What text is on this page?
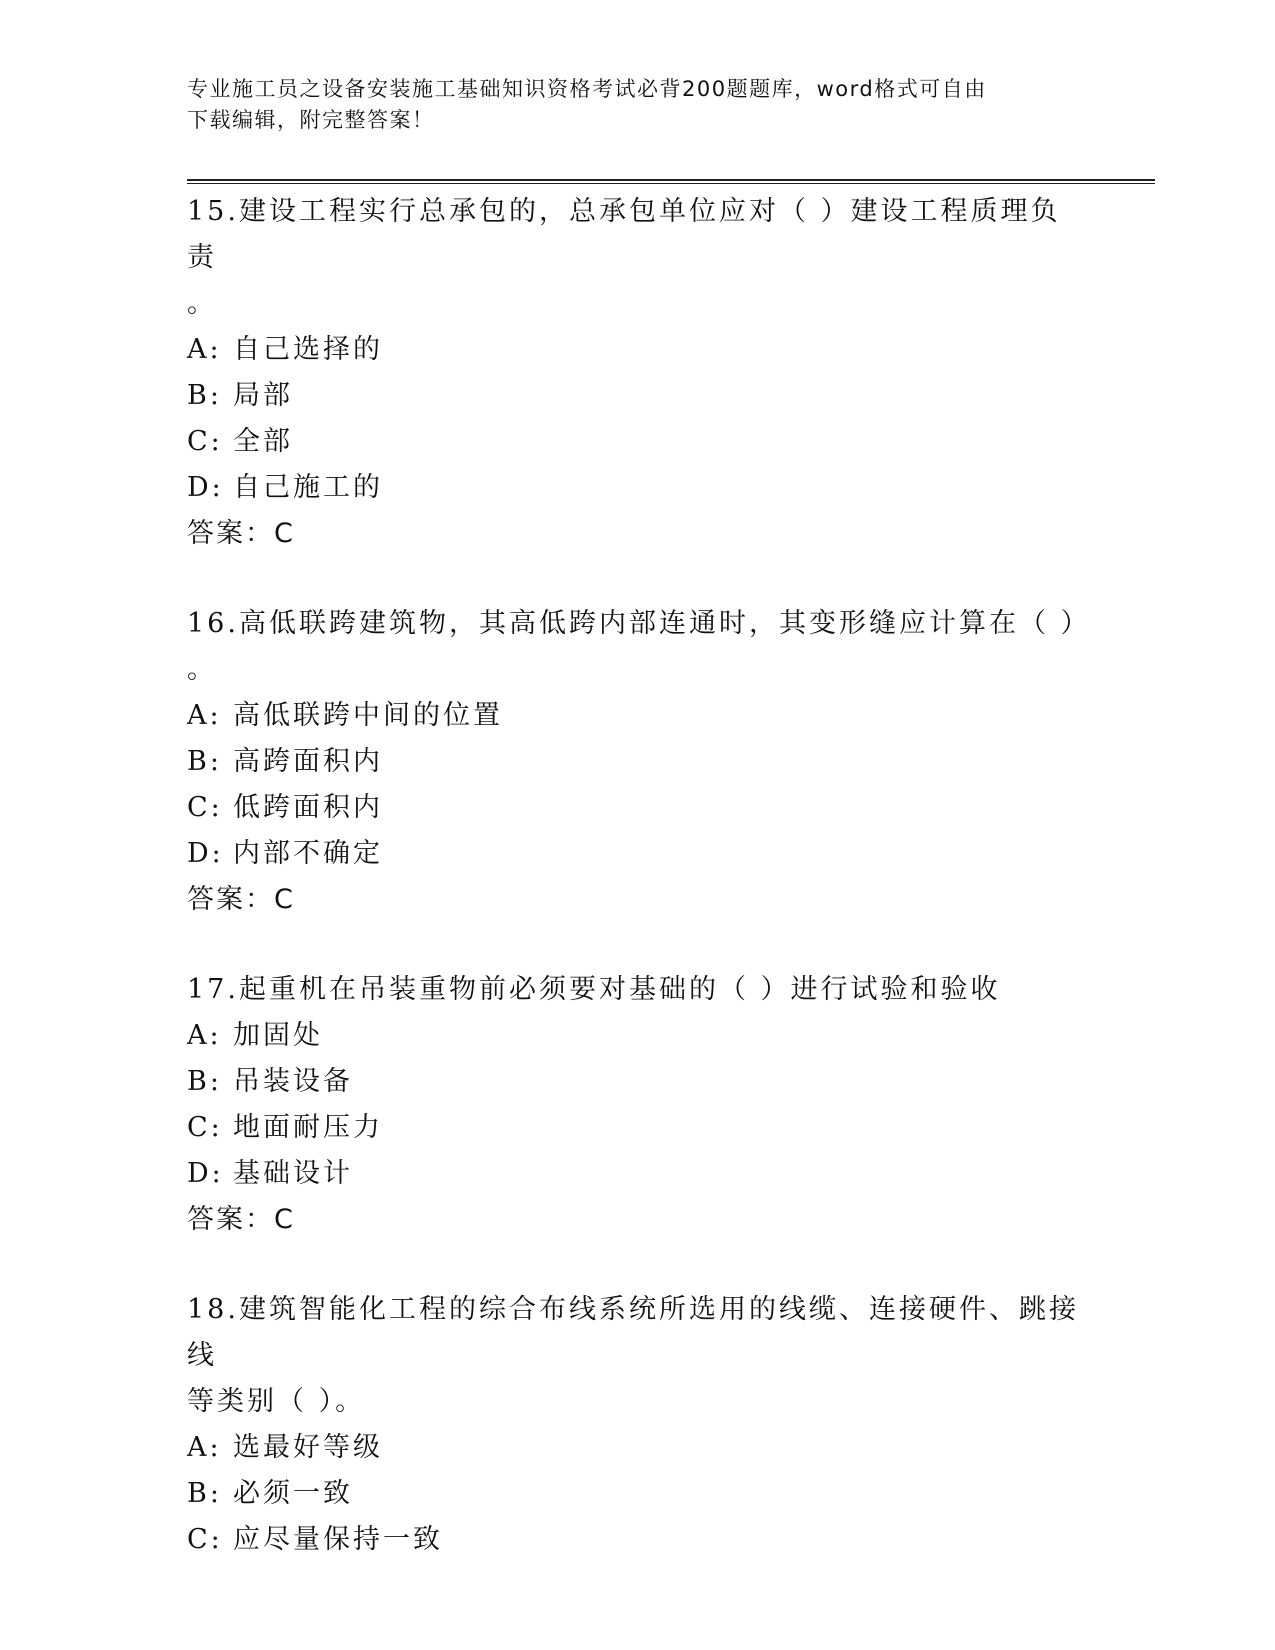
专业施工员之设备安装施工基础知识资格考试必背200题题库，word格式可自由
下载编辑，附完整答案！

15.建设工程实行总承包的，总承包单位应对（ ）建设工程质理负责
。

A: 自己选择的
B: 局部
C: 全部
D: 自己施工的

答案：C

16.高低联跨建筑物，其高低跨内部连通时，其变形缝应计算在（ ）
。

A: 高低联跨中间的位置
B: 高跨面积内
C: 低跨面积内
D: 内部不确定

答案：C

17.起重机在吊装重物前必须要对基础的（ ）进行试验和验收

A: 加固处
B: 吊装设备
C: 地面耐压力
D: 基础设计

答案：C

18.建筑智能化工程的综合布线系统所选用的线缆、连接硬件、跳接线
等类别（ ）。

A: 选最好等级
B: 必须一致
C: 应尽量保持一致
